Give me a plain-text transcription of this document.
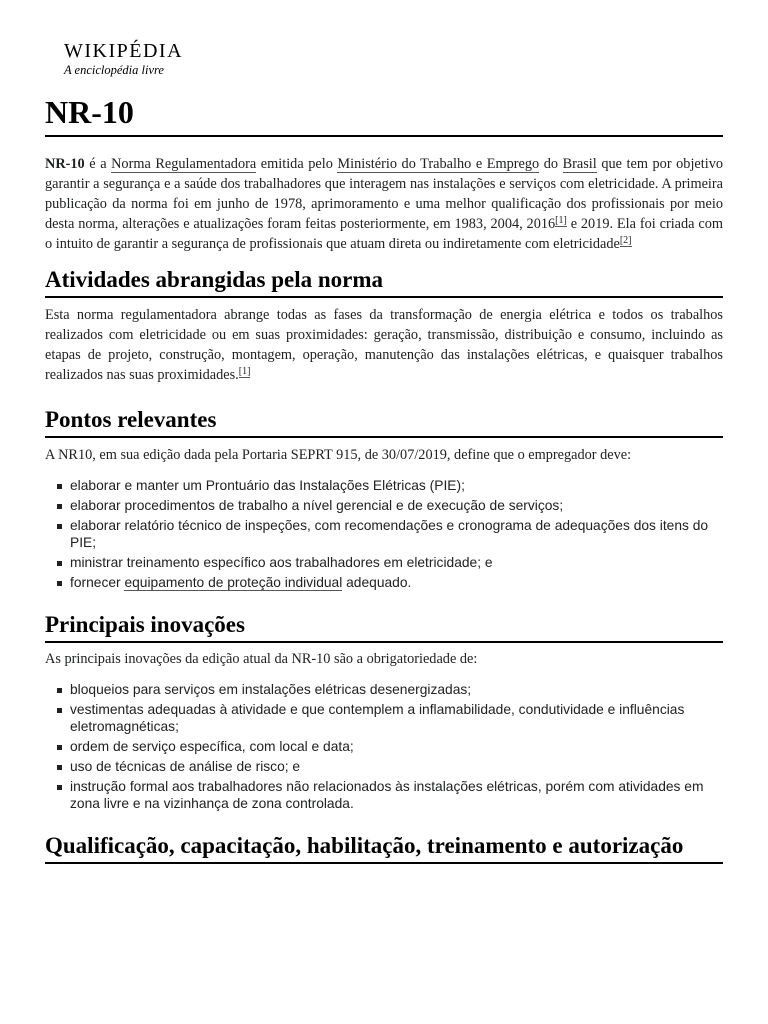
WIKIPÉDIA
A enciclopédia livre
NR-10

NR-10 é a Norma Regulamentadora emitida pelo Ministério do Trabalho e Emprego do Brasil que tem por objetivo garantir a segurança e a saúde dos trabalhadores que interagem nas instalações e serviços com eletricidade. A primeira publicação da norma foi em junho de 1978, aprimoramento e uma melhor qualificação dos profissionais por meio desta norma, alterações e atualizações foram feitas posteriormente, em 1983, 2004, 2016[1] e 2019. Ela foi criada com o intuito de garantir a segurança de profissionais que atuam direta ou indiretamente com eletricidade[2]

Atividades abrangidas pela norma

Esta norma regulamentadora abrange todas as fases da transformação de energia elétrica e todos os trabalhos realizados com eletricidade ou em suas proximidades: geração, transmissão, distribuição e consumo, incluindo as etapas de projeto, construção, montagem, operação, manutenção das instalações elétricas, e quaisquer trabalhos realizados nas suas proximidades.[1]

Pontos relevantes

A NR10, em sua edição dada pela Portaria SEPRT 915, de 30/07/2019, define que o empregador deve:

elaborar e manter um Prontuário das Instalações Elétricas (PIE);
elaborar procedimentos de trabalho a nível gerencial e de execução de serviços;
elaborar relatório técnico de inspeções, com recomendações e cronograma de adequações dos itens do PIE;
ministrar treinamento específico aos trabalhadores em eletricidade; e
fornecer equipamento de proteção individual adequado.
Principais inovações

As principais inovações da edição atual da NR-10 são a obrigatoriedade de:

bloqueios para serviços em instalações elétricas desenergizadas;
vestimentas adequadas à atividade e que contemplem a inflamabilidade, condutividade e influências eletromagnéticas;
ordem de serviço específica, com local e data;
uso de técnicas de análise de risco; e
instrução formal aos trabalhadores não relacionados às instalações elétricas, porém com atividades em zona livre e na vizinhança de zona controlada.
Qualificação, capacitação, habilitação, treinamento e autorização
